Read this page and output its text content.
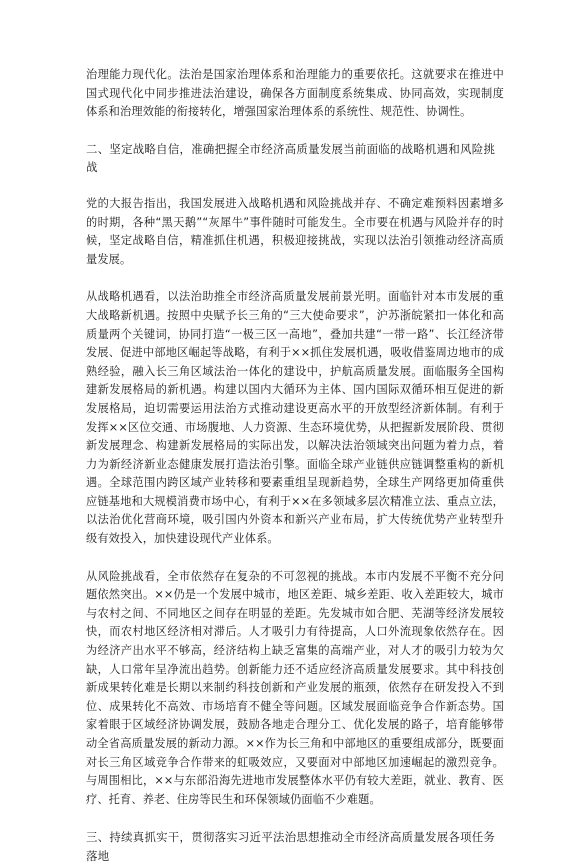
治理能力现代化。法治是国家治理体系和治理能力的重要依托。这就要求在推进中国式现代化中同步推进法治建设，确保各方面制度系统集成、协同高效，实现制度体系和治理效能的衔接转化，增强国家治理体系的系统性、规范性、协调性。

二、坚定战略自信，准确把握全市经济高质量发展当前面临的战略机遇和风险挑战

党的大报告指出，我国发展进入战略机遇和风险挑战并存、不确定难预料因素增多的时期，各种“黑天鹅”“灰犀牛”事件随时可能发生。全市要在机遇与风险并存的时候，坚定战略自信，精准抓住机遇，积极迎接挑战，实现以法治引领推动经济高质量发展。

从战略机遇看，以法治助推全市经济高质量发展前景光明。面临针对本市发展的重大战略新机遇。按照中央赋予长三角的“三大使命要求”，沪苏浙皖紧扣一体化和高质量两个关键词，协同打造“一极三区一高地”，叠加共建“一带一路”、长江经济带发展、促进中部地区崛起等战略，有利于××抓住发展机遇，吸收借鉴周边地市的成熟经验，融入长三角区域法治一体化的建设中，护航高质量发展。面临服务全国构建新发展格局的新机遇。构建以国内大循环为主体、国内国际双循环相互促进的新发展格局，迫切需要运用法治方式推动建设更高水平的开放型经济新体制。有利于发挥××区位交通、市场腹地、人力资源、生态环境优势，从把握新发展阶段、贯彻新发展理念、构建新发展格局的实际出发，以解决法治领域突出问题为着力点，着力为新经济新业态健康发展打造法治引擎。面临全球产业链供应链调整重构的新机遇。全球范围内跨区域产业转移和要素重组呈现新趋势，全球生产网络更加倚重供应链基地和大规模消费市场中心，有利于××在多领域多层次精准立法、重点立法，以法治优化营商环境，吸引国内外资本和新兴产业布局，扩大传统优势产业转型升级有效投入，加快建设现代产业体系。

从风险挑战看，全市依然存在复杂的不可忽视的挑战。本市内发展不平衡不充分问题依然突出。××仍是一个发展中城市，地区差距、城乡差距、收入差距较大，城市与农村之间、不同地区之间存在明显的差距。先发城市如合肥、芜湖等经济发展较快，而农村地区经济相对滞后。人才吸引力有待提高，人口外流现象依然存在。因为经济产出水平不够高，经济结构上缺乏富集的高端产业，对人才的吸引力较为欠缺，人口常年呈净流出趋势。创新能力还不适应经济高质量发展要求。其中科技创新成果转化难是长期以来制约科技创新和产业发展的瓶颈，依然存在研发投入不到位、成果转化不高效、市场培育不健全等问题。区域发展面临竞争合作新态势。国家着眼于区域经济协调发展，鼓励各地走合理分工、优化发展的路子，培育能够带动全省高质量发展的新动力源。××作为长三角和中部地区的重要组成部分，既要面对长三角区域竞争合作带来的虹吸效应，又要面对中部地区加速崛起的激烈竞争。与周围相比，××与东部沿海先进地市发展整体水平仍有较大差距，就业、教育、医疗、托育、养老、住房等民生和环保领域仍面临不少难题。

三、持续真抓实干，贯彻落实习近平法治思想推动全市经济高质量发展各项任务落地
